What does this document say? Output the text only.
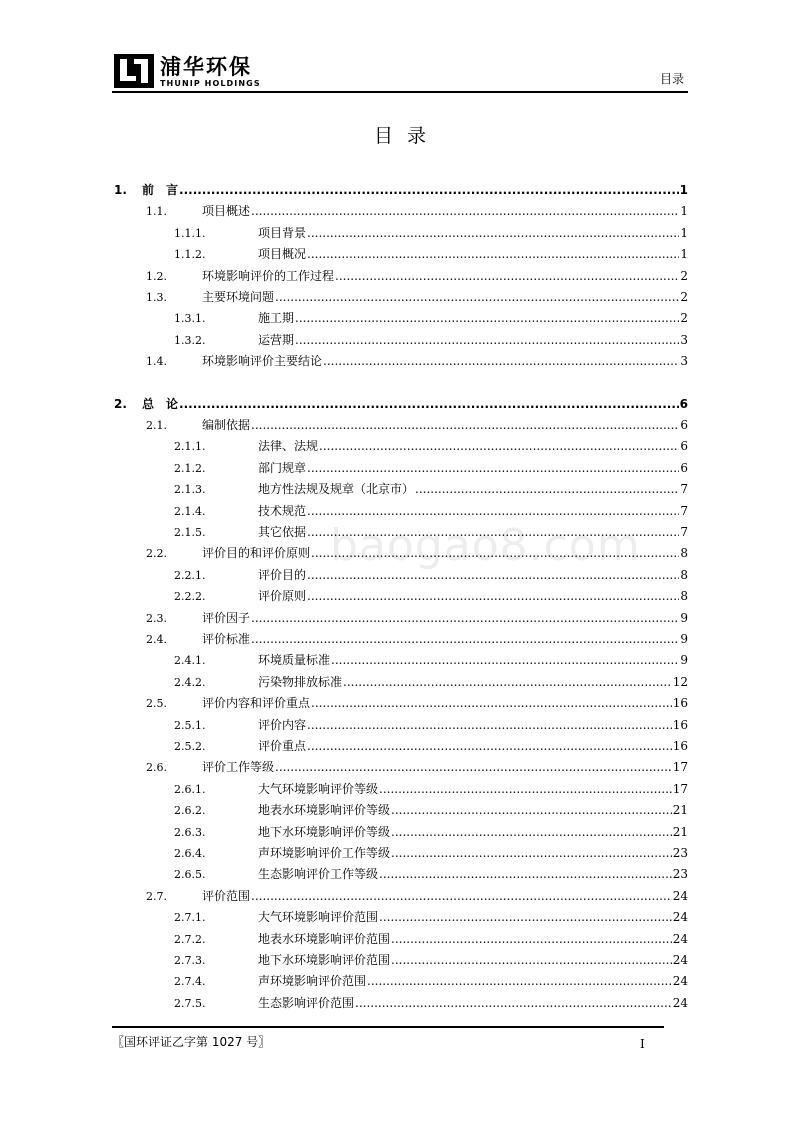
浦华环保
THUNIP HOLDINGS	目录
目录
baogao8.com
1.	前言 .....	1
1.1.	项目概述 .....	1
1.1.1.	项目背景 .....	1
1.1.2.	项目概况 .....	1
1.2.	环境影响评价的工作过程 .....	2
1.3.	主要环境问题 .....	2
1.3.1.	施工期 .....	2
1.3.2.	运营期 .....	3
1.4.	环境影响评价主要结论 .....	3
2.	总论 .....	6
2.1.	编制依据 .....	6
2.1.1.	法律、法规 .....	6
2.1.2.	部门规章 .....	6
2.1.3.	地方性法规及规章（北京市） .....	7
2.1.4.	技术规范 .....	7
2.1.5.	其它依据 .....	7
2.2.	评价目的和评价原则 .....	8
2.2.1.	评价目的 .....	8
2.2.2.	评价原则 .....	8
2.3.	评价因子 .....	9
2.4.	评价标准 .....	9
2.4.1.	环境质量标准 .....	9
2.4.2.	污染物排放标准 .....	12
2.5.	评价内容和评价重点 .....	16
2.5.1.	评价内容 .....	16
2.5.2.	评价重点 .....	16
2.6.	评价工作等级 .....	17
2.6.1.	大气环境影响评价等级 .....	17
2.6.2.	地表水环境影响评价等级 .....	21
2.6.3.	地下水环境影响评价等级 .....	21
2.6.4.	声环境影响评价工作等级 .....	23
2.6.5.	生态影响评价工作等级 .....	23
2.7.	评价范围 .....	24
2.7.1.	大气环境影响评价范围 .....	24
2.7.2.	地表水环境影响评价范围 .....	24
2.7.3.	地下水环境影响评价范围 .....	24
2.7.4.	声环境影响评价范围 .....	24
2.7.5.	生态影响评价范围 .....	24
〖国环评证乙字第 1027 号〗	I
